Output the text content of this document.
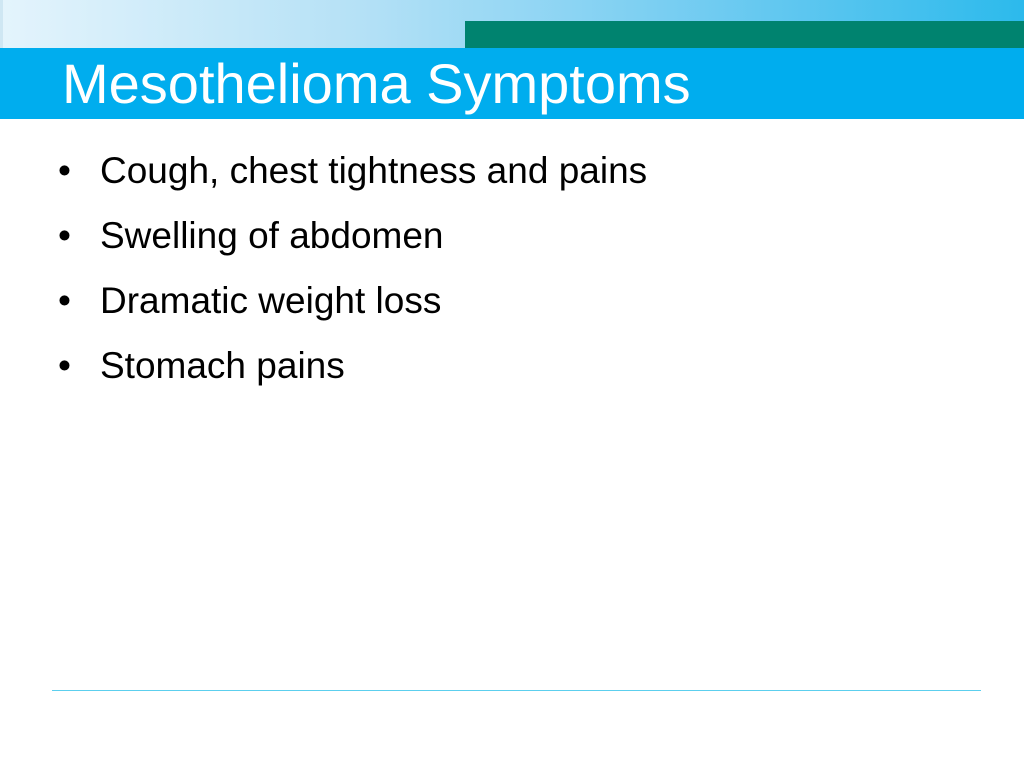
Mesothelioma Symptoms
• Cough, chest tightness and pains
• Swelling of abdomen
• Dramatic weight loss
• Stomach pains
